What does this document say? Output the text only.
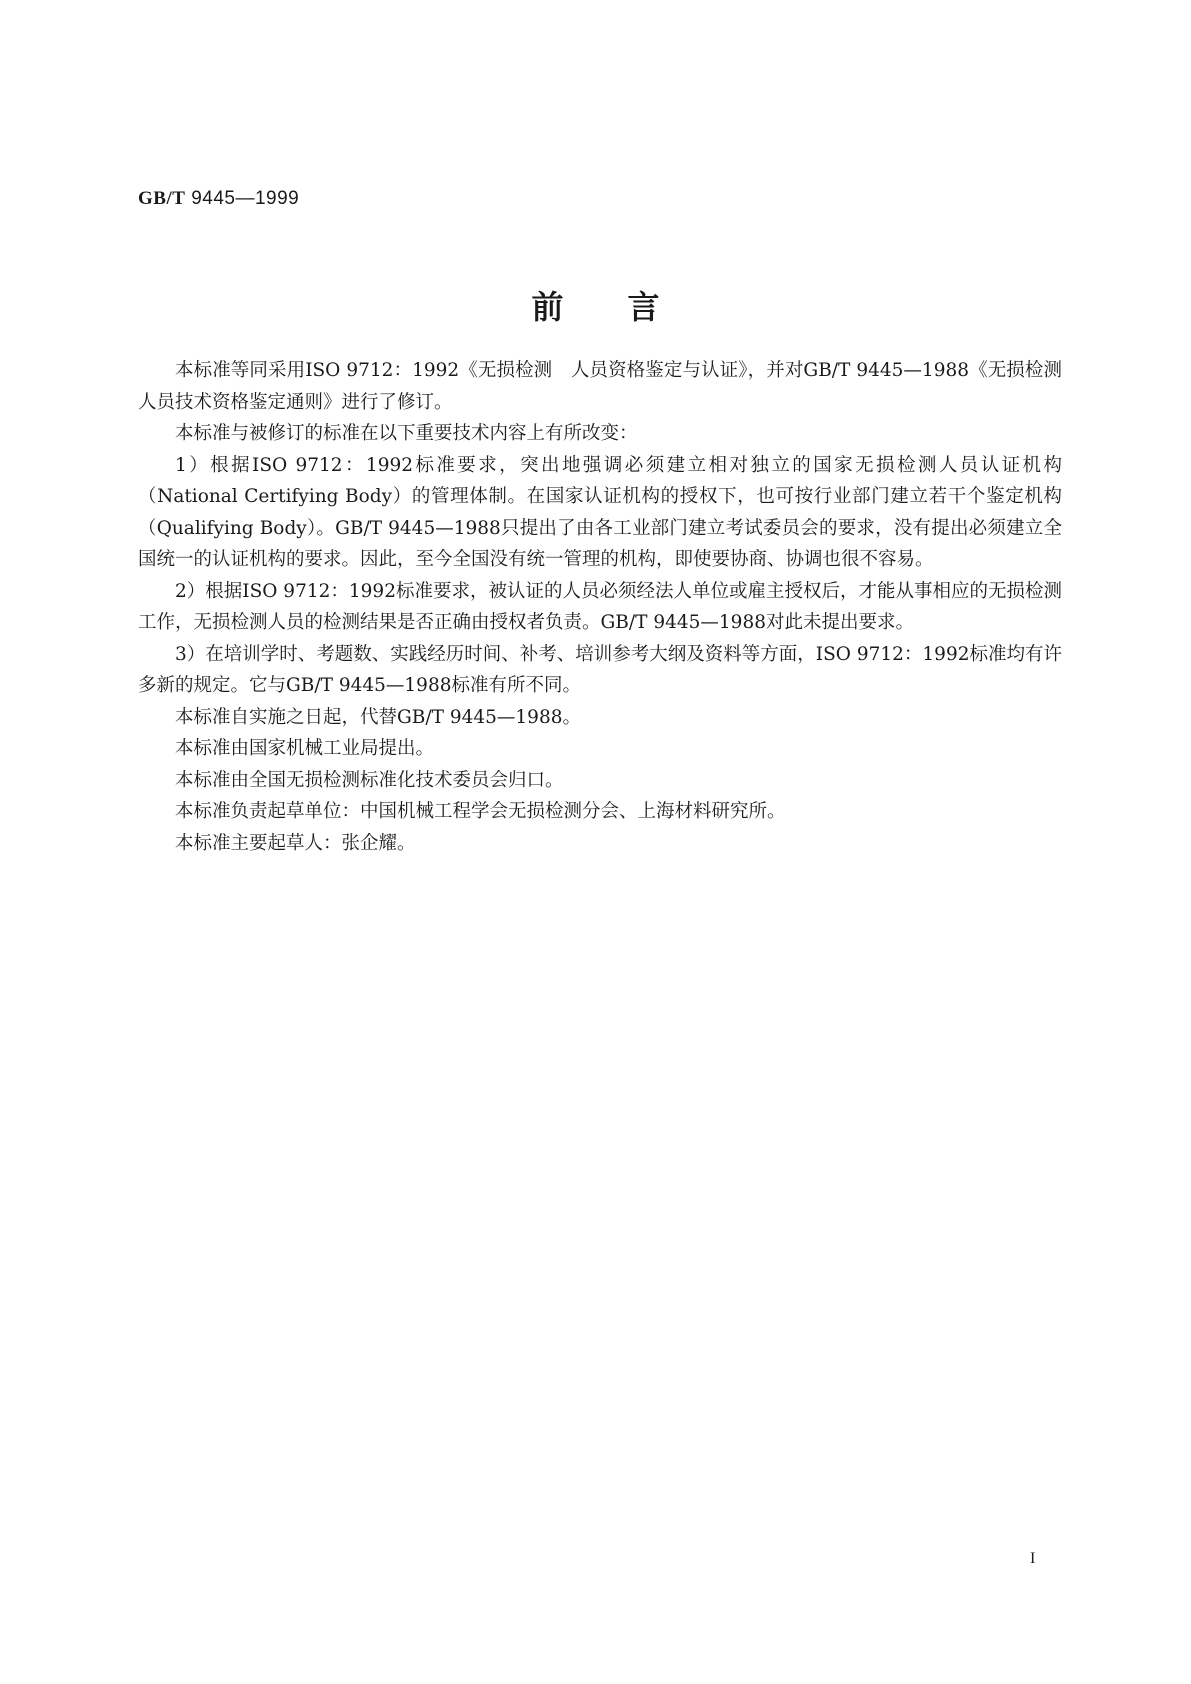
GB/T 9445—1999
前言

本标准等同采用ISO 9712：1992《无损检测　人员资格鉴定与认证》，并对GB/T 9445—1988《无损检测人员技术资格鉴定通则》进行了修订。

本标准与被修订的标准在以下重要技术内容上有所改变：

1）根据ISO 9712：1992标准要求，突出地强调必须建立相对独立的国家无损检测人员认证机构（National Certifying Body）的管理体制。在国家认证机构的授权下，也可按行业部门建立若干个鉴定机构（Qualifying Body）。GB/T 9445—1988只提出了由各工业部门建立考试委员会的要求，没有提出必须建立全国统一的认证机构的要求。因此，至今全国没有统一管理的机构，即使要协商、协调也很不容易。

2）根据ISO 9712：1992标准要求，被认证的人员必须经法人单位或雇主授权后，才能从事相应的无损检测工作，无损检测人员的检测结果是否正确由授权者负责。GB/T 9445—1988对此未提出要求。

3）在培训学时、考题数、实践经历时间、补考、培训参考大纲及资料等方面，ISO 9712：1992标准均有许多新的规定。它与GB/T 9445—1988标准有所不同。

本标准自实施之日起，代替GB/T 9445—1988。

本标准由国家机械工业局提出。

本标准由全国无损检测标准化技术委员会归口。

本标准负责起草单位：中国机械工程学会无损检测分会、上海材料研究所。

本标准主要起草人：张企耀。

I
